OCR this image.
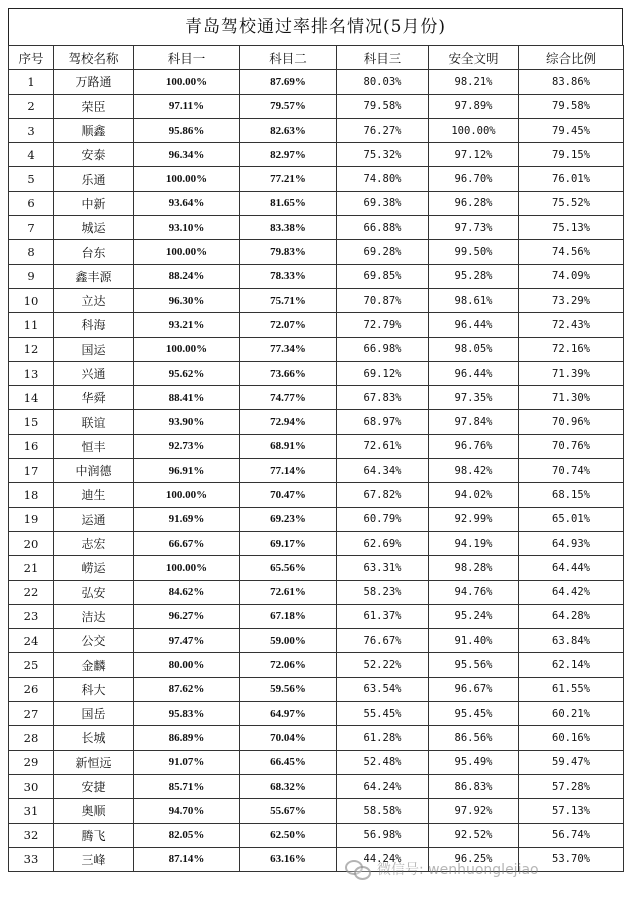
青岛驾校通过率排名情况(5月份)
序号	驾校名称	科目一	科目二	科目三	安全文明	综合比例
1	万路通	100.00%	87.69%	80.03%	98.21%	83.86%
2	荣臣	97.11%	79.57%	79.58%	97.89%	79.58%
3	顺鑫	95.86%	82.63%	76.27%	100.00%	79.45%
4	安泰	96.34%	82.97%	75.32%	97.12%	79.15%
5	乐通	100.00%	77.21%	74.80%	96.70%	76.01%
6	中新	93.64%	81.65%	69.38%	96.28%	75.52%
7	城运	93.10%	83.38%	66.88%	97.73%	75.13%
8	台东	100.00%	79.83%	69.28%	99.50%	74.56%
9	鑫丰源	88.24%	78.33%	69.85%	95.28%	74.09%
10	立达	96.30%	75.71%	70.87%	98.61%	73.29%
11	科海	93.21%	72.07%	72.79%	96.44%	72.43%
12	国运	100.00%	77.34%	66.98%	98.05%	72.16%
13	兴通	95.62%	73.66%	69.12%	96.44%	71.39%
14	华舜	88.41%	74.77%	67.83%	97.35%	71.30%
15	联谊	93.90%	72.94%	68.97%	97.84%	70.96%
16	恒丰	92.73%	68.91%	72.61%	96.76%	70.76%
17	中润德	96.91%	77.14%	64.34%	98.42%	70.74%
18	迪生	100.00%	70.47%	67.82%	94.02%	68.15%
19	运通	91.69%	69.23%	60.79%	92.99%	65.01%
20	志宏	66.67%	69.17%	62.69%	94.19%	64.93%
21	崂运	100.00%	65.56%	63.31%	98.28%	64.44%
22	弘安	84.62%	72.61%	58.23%	94.76%	64.42%
23	洁达	96.27%	67.18%	61.37%	95.24%	64.28%
24	公交	97.47%	59.00%	76.67%	91.40%	63.84%
25	金麟	80.00%	72.06%	52.22%	95.56%	62.14%
26	科大	87.62%	59.56%	63.54%	96.67%	61.55%
27	国岳	95.83%	64.97%	55.45%	95.45%	60.21%
28	长城	86.89%	70.04%	61.28%	86.56%	60.16%
29	新恒远	91.07%	66.45%	52.48%	95.49%	59.47%
30	安捷	85.71%	68.32%	64.24%	86.83%	57.28%
31	奥顺	94.70%	55.67%	58.58%	97.92%	57.13%
32	腾飞	82.05%	62.50%	56.98%	92.52%	56.74%
33	三峰	87.14%	63.16%	44.24%	96.25%	53.70%
微信号: wenhuonglejiao
